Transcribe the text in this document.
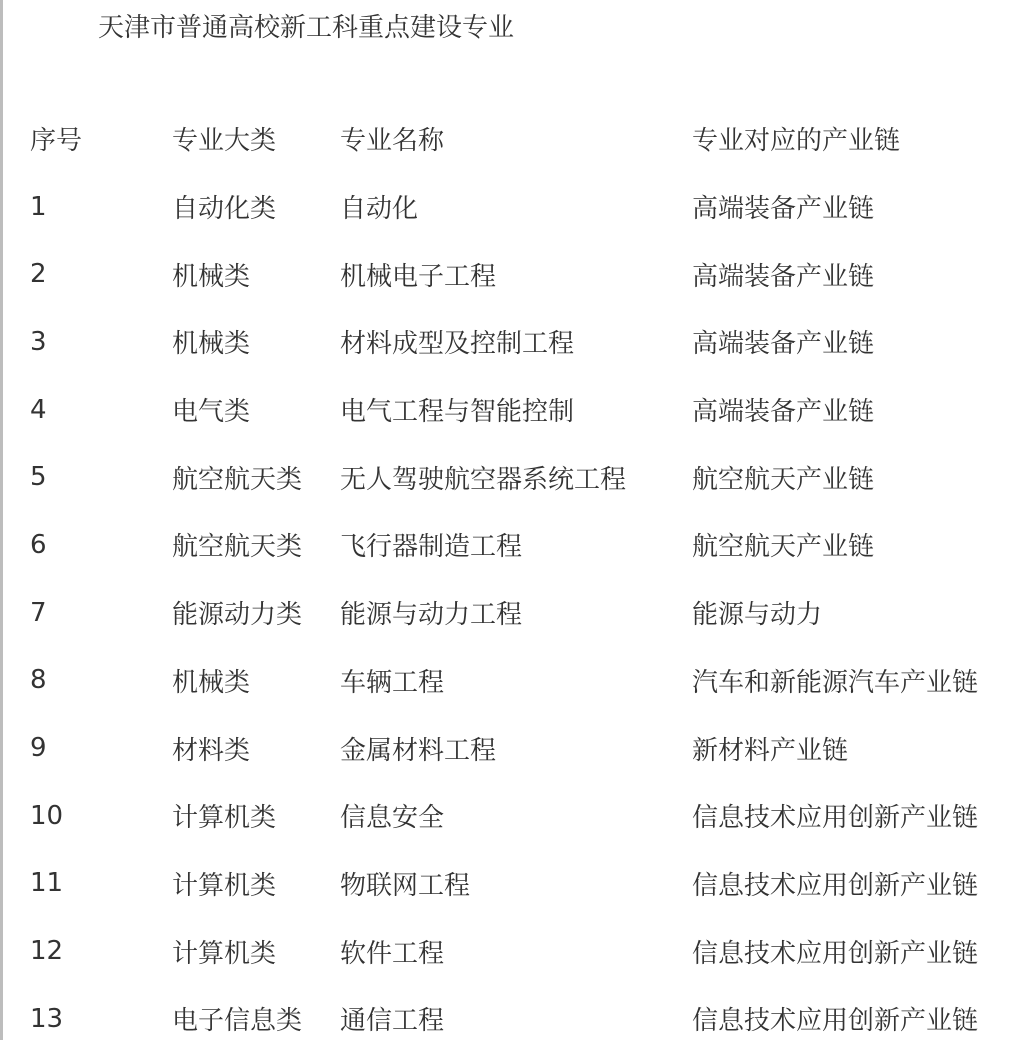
天津市普通高校新工科重点建设专业
序号	专业大类	专业名称	专业对应的产业链
1	自动化类	自动化	高端装备产业链
2	机械类	机械电子工程	高端装备产业链
3	机械类	材料成型及控制工程	高端装备产业链
4	电气类	电气工程与智能控制	高端装备产业链
5	航空航天类	无人驾驶航空器系统工程	航空航天产业链
6	航空航天类	飞行器制造工程	航空航天产业链
7	能源动力类	能源与动力工程	能源与动力
8	机械类	车辆工程	汽车和新能源汽车产业链
9	材料类	金属材料工程	新材料产业链
10	计算机类	信息安全	信息技术应用创新产业链
11	计算机类	物联网工程	信息技术应用创新产业链
12	计算机类	软件工程	信息技术应用创新产业链
13	电子信息类	通信工程	信息技术应用创新产业链
